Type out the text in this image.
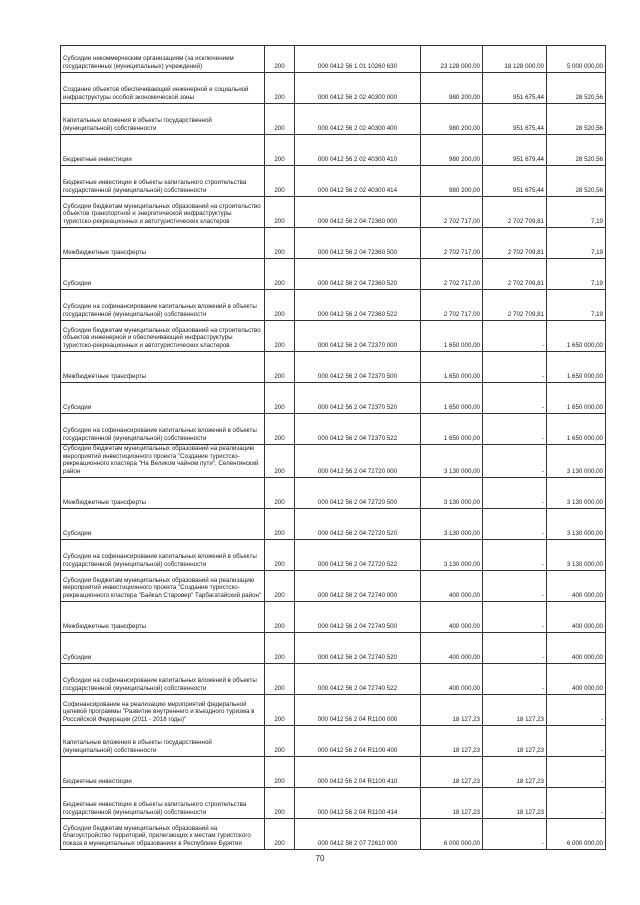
Субсидии некоммерческим организациям (за исключением государственных (муниципальных) учреждений)	200	000 0412 56 1 01 10260 630	23 128 000,00	18 128 000,00	5 000 000,00
Создание объектов обеспечивающей инженерной и социальной инфраструктуры особой экономической зоны	200	000 0412 56 2 02 40300 000	980 200,00	951 675,44	28 520,56
Капитальные вложения в объекты государственной (муниципальной) собственности	200	000 0412 56 2 02 40300 400	980 200,00	951 675,44	28 520,56
Бюджетные инвестиции	200	000 0412 56 2 02 40300 410	980 200,00	951 679,44	28 520,56
Бюджетные инвестиции в объекты капитального строительства государственной (муниципальной) собственности	200	000 0412 56 2 02 40300 414	980 200,00	951 675,44	28 520,56
Субсидии бюджетам муниципальных образований на строительство объектов транспортной и энергетической инфраструктуры туристско-рекреационных и автотуристических кластеров	200	000 0412 56 2 04 72360 000	2 702 717,00	2 702 709,81	7,19
Межбюджетные трансферты	200	000 0412 56 2 04 72360 500	2 702 717,00	2 702 709,81	7,19
Субсидии	200	000 0412 56 2 04 72360 520	2 702 717,00	2 702 709,81	7,19
Субсидии на софинансирование капитальных вложений в объекты государственной (муниципальной) собственности	200	000 0412 56 2 04 72360 522	2 702 717,00	2 702 709,81	7,19
Субсидии бюджетам муниципальных образований на строительство объектов инженерной и обеспечивающей инфраструктуры туристско-рекреационных и автотуристических кластеров	200	000 0412 56 2 04 72370 000	1 650 000,00	-	1 650 000,00
Межбюджетные трансферты	200	000 0412 56 2 04 72370 500	1 650 000,00	-	1 650 000,00
Субсидии	200	000 0412 56 2 04 72370 520	1 650 000,00	-	1 650 000,00
Субсидии на софинансирование капитальных вложений в объекты государственной (муниципальной) собственности	200	000 0412 56 2 04 72370 522	1 650 000,00	-	1 650 000,00
Субсидии бюджетам муниципальных образований на реализацию мероприятий инвестиционного проекта "Создание туристско-рекреационного кластера "На Великом чайном пути", Селенгинский район	200	000 0412 56 2 04 72720 000	3 130 000,00	-	3 130 000,00
Межбюджетные трансферты	200	000 0412 56 2 04 72720 500	3 130 000,00	-	3 130 000,00
Субсидии	200	000 0412 56 2 04 72720 520	3 130 000,00	-	3 130 000,00
Субсидии на софинансирование капитальных вложений в объекты государственной (муниципальной) собственности	200	000 0412 56 2 04 72720 522	3 130 000,00	-	3 130 000,00
Субсидии бюджетам муниципальных образований на реализацию мероприятий инвестиционного проекта "Создание туристско-рекреационного кластера "Байкал Старовер" Тарбагатайский район"	200	000 0412 56 2 04 72740 000	400 000,00	-	400 000,00
Межбюджетные трансферты	200	000 0412 56 2 04 72740 500	400 000,00	-	400 000,00
Субсидии	200	000 0412 56 2 04 72740 520	400 000,00	-	400 000,00
Субсидии на софинансирование капитальных вложений в объекты государственной (муниципальной) собственности	200	000 0412 56 2 04 72740 522	400 000,00	-	400 000,00
Софинансирование на реализацию мероприятий федеральной целевой программы "Развитие внутреннего и въездного туризма в Российской Федерации (2011 - 2018 годы)"	200	000 0412 56 2 04 R1100 000	18 127,23	18 127,23	-
Капитальные вложения в объекты государственной (муниципальной) собственности	200	000 0412 56 2 04 R1100 400	18 127,23	18 127,23	-
Бюджетные инвестиции	200	000 0412 56 2 04 R1100 410	18 127,23	18 127,23	-
Бюджетные инвестиции в объекты капитального строительства государственной (муниципальной) собственности	200	000 0412 56 2 04 R1100 414	18 127,23	18 127,23	-
Субсидии бюджетам муниципальных образований на благоустройство территорий, прилегающих к местам туристского показа в муниципальных образованиях в Республике Бурятия	200	000 0412 56 2 07 72610 000	6 000 000,00	-	6 000 000,00
70
